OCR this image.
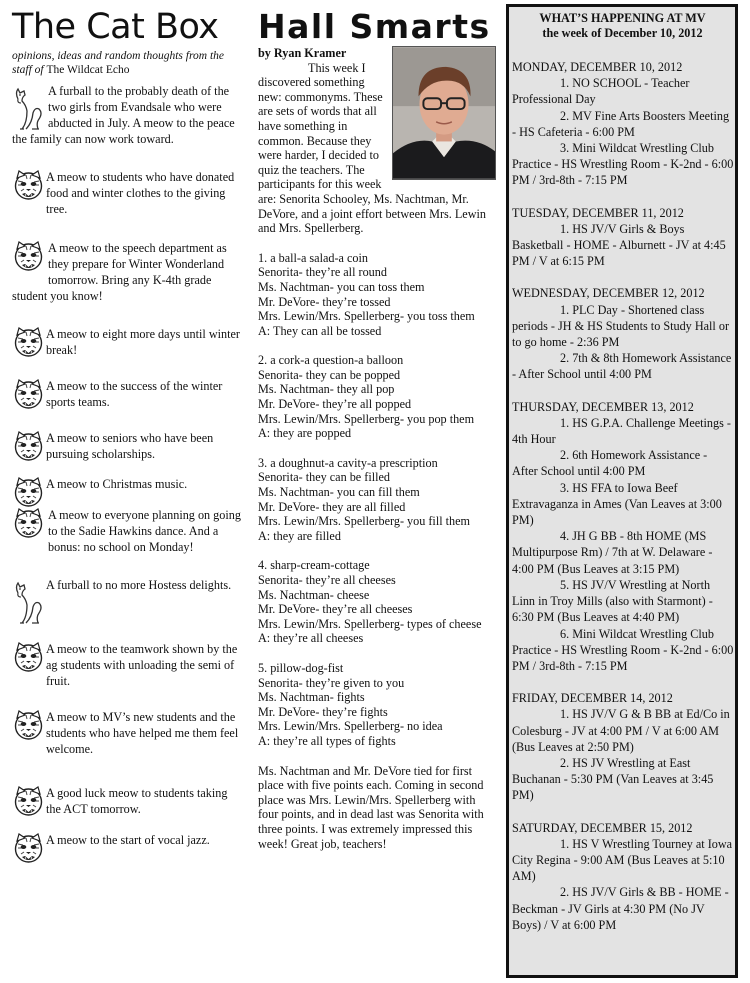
The Cat Box

opinions, ideas and random thoughts from the staff of The Wildcat Echo

A furball to the probably death of the two girls from Evandsale who were abducted in July. A meow to the peace the family can now work toward.
A meow to students who have donated food and winter clothes to the giving tree.
A meow to the speech department as they prepare for Winter Wonderland tomorrow. Bring any K-4th grade student you know!
A meow to eight more days until winter break!
A meow to the success of the winter sports teams.
A meow to seniors who have been pursuing scholarships.
A meow to Christmas music.
A meow to everyone planning on going to the Sadie Hawkins dance. And a bonus: no school on Monday!
A furball to no more Hostess delights.
A meow to the teamwork shown by the ag students with unloading the semi of fruit.
A meow to MV’s new students and the students who have helped me them feel welcome.
A good luck meow to students taking the ACT tomorrow.
A meow to the start of vocal jazz.
Hall Smarts

by Ryan Kramer

This week I discovered something new: commonyms. These are sets of words that all have something in common. Because they were harder, I decided to quiz the teachers. The participants for this week are: Senorita Schooley, Ms. Nachtman, Mr. DeVore, and a joint effort between Mrs. Lewin and Mrs. Spellerberg.

1. a ball-a salad-a coin
Senorita- they’re all round
Ms. Nachtman- you can toss them
Mr. DeVore- they’re tossed
Mrs. Lewin/Mrs. Spellerberg- you toss them
A: They can all be tossed
2. a cork-a question-a balloon
Senorita- they can be popped
Ms. Nachtman- they all pop
Mr. DeVore- they’re all popped
Mrs. Lewin/Mrs. Spellerberg- you pop them
A: they are popped
3. a doughnut-a cavity-a prescription
Senorita- they can be filled
Ms. Nachtman- you can fill them
Mr. DeVore- they are all filled
Mrs. Lewin/Mrs. Spellerberg- you fill them
A: they are filled
4. sharp-cream-cottage
Senorita- they’re all cheeses
Ms. Nachtman- cheese
Mr. DeVore- they’re all cheeses
Mrs. Lewin/Mrs. Spellerberg- types of cheese
A: they’re all cheeses
5. pillow-dog-fist
Senorita- they’re given to you
Ms. Nachtman- fights
Mr. DeVore- they’re fights
Mrs. Lewin/Mrs. Spellerberg- no idea
A: they’re all types of fights

Ms. Nachtman and Mr. DeVore tied for first place with five points each. Coming in second place was Mrs. Lewin/Mrs. Spellerberg with four points, and in dead last was Senorita with three points. I was extremely impressed this week! Great job, teachers!

WHAT’S HAPPENING AT MV
the week of December 10, 2012
MONDAY, DECEMBER 10, 2012
1. NO SCHOOL - Teacher Professional Day
2. MV Fine Arts Boosters Meeting - HS Cafeteria - 6:00 PM
3. Mini Wildcat Wrestling Club Practice - HS Wrestling Room - K-2nd - 6:00 PM / 3rd-8th - 7:15 PM
TUESDAY, DECEMBER 11, 2012
1. HS JV/V Girls & Boys Basketball - HOME - Alburnett - JV at 4:45 PM / V at 6:15 PM
WEDNESDAY, DECEMBER 12, 2012
1. PLC Day - Shortened class periods - JH & HS Students to Study Hall or to go home - 2:36 PM
2. 7th & 8th Homework Assistance - After School until 4:00 PM
THURSDAY, DECEMBER 13, 2012
1. HS G.P.A. Challenge Meetings - 4th Hour
2. 6th Homework Assistance - After School until 4:00 PM
3. HS FFA to Iowa Beef Extravaganza in Ames (Van Leaves at 3:00 PM)
4. JH G BB - 8th HOME (MS Multipurpose Rm) / 7th at W. Delaware - 4:00 PM (Bus Leaves at 3:15 PM)
5. HS JV/V Wrestling at North Linn in Troy Mills (also with Starmont) - 6:30 PM (Bus Leaves at 4:40 PM)
6. Mini Wildcat Wrestling Club Practice - HS Wrestling Room - K-2nd - 6:00 PM / 3rd-8th - 7:15 PM
FRIDAY, DECEMBER 14, 2012
1. HS JV/V G & B BB at Ed/Co in Colesburg - JV at 4:00 PM / V at 6:00 AM (Bus Leaves at 2:50 PM)
2. HS JV Wrestling at East Buchanan - 5:30 PM (Van Leaves at 3:45 PM)
SATURDAY, DECEMBER 15, 2012
1. HS V Wrestling Tourney at Iowa City Regina - 9:00 AM (Bus Leaves at 5:10 AM)
2. HS JV/V Girls & BB - HOME - Beckman - JV Girls at 4:30 PM (No JV Boys) / V at 6:00 PM
